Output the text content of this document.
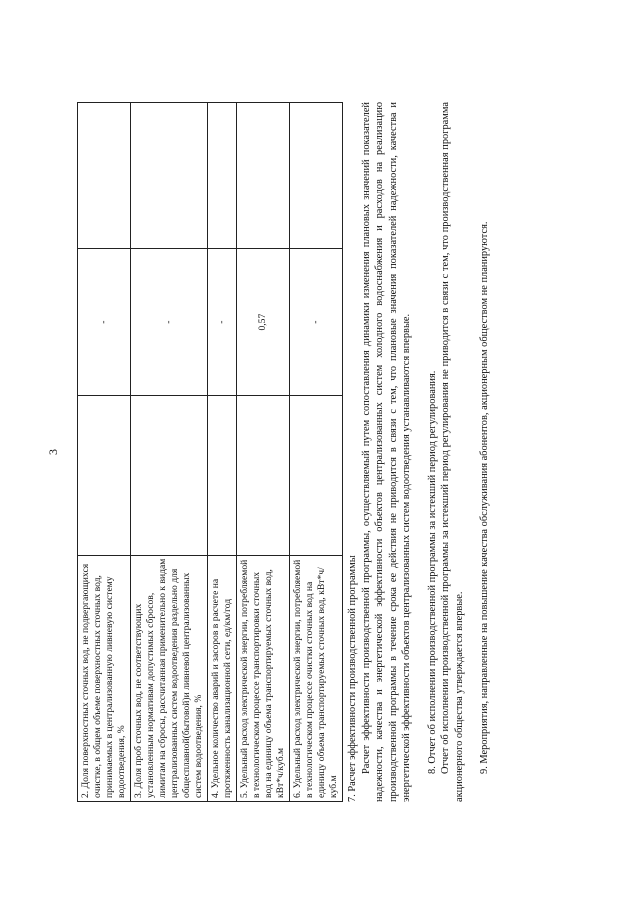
3
2. Доля поверхностных сточных вод, не подвергающихся очистке, в общем объеме поверхностных сточных вод, принимаемых в централизованную ливневую систему водоотведения, %		-	
3. Доля проб сточных вод, не соответствующих установленным нормативам допустимых сбросов, лимитам на сбросы, рассчитанная применительно к видам централизованных систем водоотведения раздельно для общесплавной(бытовой)и ливневой централизованных систем водоотведения, %		-	
4. Удельное количество аварий и засоров в расчете на протяженность канализационной сети, ед/км/год		-	
5. Удельный расход электрической энергии, потребляемой в технологическом процессе транспортировки сточных вод на единицу объема транспортируемых сточных вод, кВт*ч/куб.м		0,57	
6. Удельный расход электрической энергии, потребляемой в технологическом процессе очистки сточных вод на единицу объема транспортируемых сточных вод, кВт*ч/куб.м		-	

7. Расчет эффективности производственной программы Расчет эффективности производственной программы, осуществляемый путем сопоставления динамики изменения плановых значений показателей надежности, качества и энергетической эффективности объектов централизованных систем холодного водоснабжения и расходов на реализацию производственной программы в течение срока ее действия не приводится в связи с тем, что плановые значения показателей надежности, качества и энергетической эффективности объектов централизованных систем водоотведения устанавливаются впервые. 8. Отчет об исполнении производственной программы за истекший период регулирования. Отчет об исполнении производственной программы за истекший период регулирования не приводится в связи с тем, что производственная программа акционерного общества утверждается впервые. 9. Мероприятия, направленные на повышение качества обслуживания абонентов, акционерным обществом не планируются.
